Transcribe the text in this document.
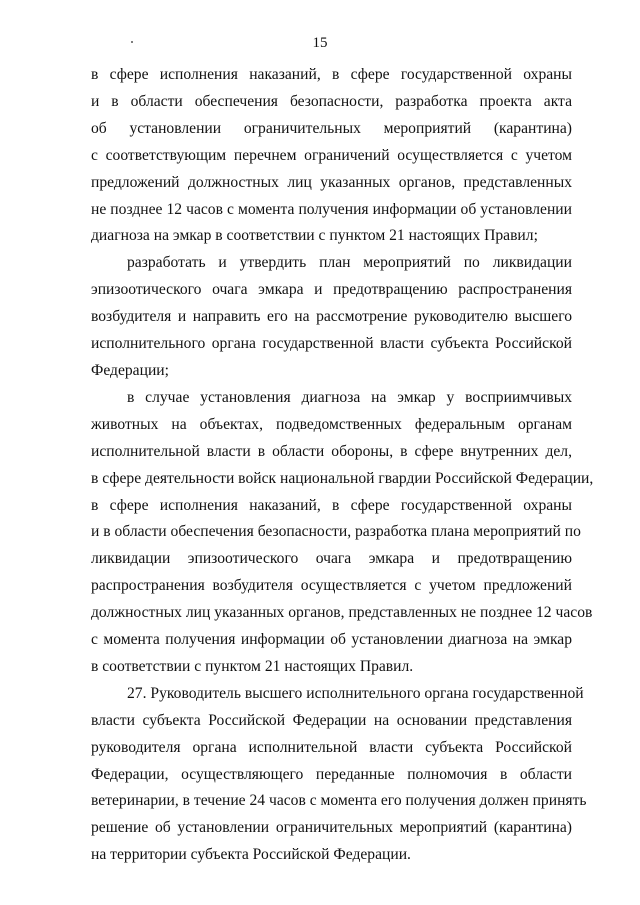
15

в сфере исполнения наказаний, в сфере государственной охраны
и в области обеспечения безопасности, разработка проекта акта
об установлении ограничительных мероприятий (карантина)
с соответствующим перечнем ограничений осуществляется с учетом
предложений должностных лиц указанных органов, представленных
не позднее 12 часов с момента получения информации об установлении
диагноза на эмкар в соответствии с пунктом 21 настоящих Правил;

разработать и утвердить план мероприятий по ликвидации
эпизоотического очага эмкара и предотвращению распространения
возбудителя и направить его на рассмотрение руководителю высшего
исполнительного органа государственной власти субъекта Российской
Федерации;

в случае установления диагноза на эмкар у восприимчивых
животных на объектах, подведомственных федеральным органам
исполнительной власти в области обороны, в сфере внутренних дел,
в сфере деятельности войск национальной гвардии Российской Федерации,
в сфере исполнения наказаний, в сфере государственной охраны
и в области обеспечения безопасности, разработка плана мероприятий по
ликвидации эпизоотического очага эмкара и предотвращению
распространения возбудителя осуществляется с учетом предложений
должностных лиц указанных органов, представленных не позднее 12 часов
с момента получения информации об установлении диагноза на эмкар
в соответствии с пунктом 21 настоящих Правил.

27. Руководитель высшего исполнительного органа государственной
власти субъекта Российской Федерации на основании представления
руководителя органа исполнительной власти субъекта Российской
Федерации, осуществляющего переданные полномочия в области
ветеринарии, в течение 24 часов с момента его получения должен принять
решение об установлении ограничительных мероприятий (карантина)
на территории субъекта Российской Федерации.
